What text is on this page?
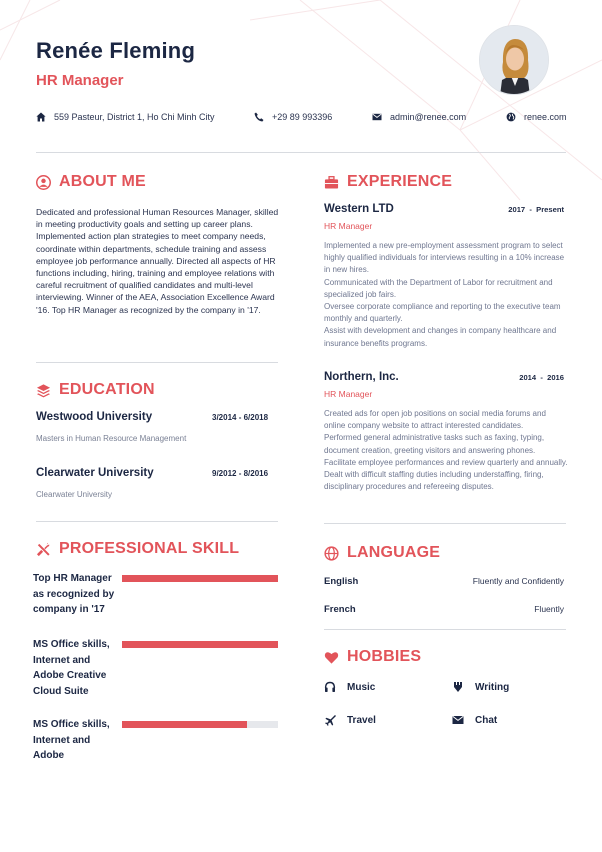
Renée Fleming
HR Manager
559 Pasteur, District 1, Ho Chi Minh City	+29 89 993396	admin@renee.com	renee.com
ABOUT ME
Dedicated and professional Human Resources Manager, skilled in meeting productivity goals and setting up career plans. Implemented action plan strategies to meet company needs, coordinate within departments, schedule training and assess employee job performance annually. Directed all aspects of HR functions including, hiring, training and employee relations with careful recruitment of qualified candidates and multi-level interviewing. Winner of the AEA, Association Excellence Award '16. Top HR Manager as recognized by the company in '17.
EDUCATION
Westwood University	3/2014 - 6/2018
Masters in Human Resource Management
Clearwater University	9/2012 - 8/2016
Clearwater University
PROFESSIONAL SKILL
Top HR Manager as recognized by company in '17
MS Office skills, Internet and Adobe Creative Cloud Suite
MS Office skills, Internet and Adobe
EXPERIENCE
Western LTD	2017  -  Present
HR Manager
Implemented a new pre-employment assessment program to select highly qualified individuals for interviews resulting in a 10% increase in new hires.
Communicated with the Department of Labor for recruitment and specialized job fairs.
Oversee corporate compliance and reporting to the executive team monthly and quarterly.
Assist with development and changes in company healthcare and insurance benefits programs.
Northern, Inc.	2014  -  2016
HR Manager
Created ads for open job positions on social media forums and online company website to attract interested candidates.
Performed general administrative tasks such as faxing, typing, document creation, greeting visitors and answering phones.
Facilitate employee performances and review quarterly and annually.
Dealt with difficult staffing duties including understaffing, firing, disciplinary procedures and refereeing disputes.
LANGUAGE
English	Fluently and Confidently
French	Fluently
HOBBIES
Music	Writing
Travel	Chat
